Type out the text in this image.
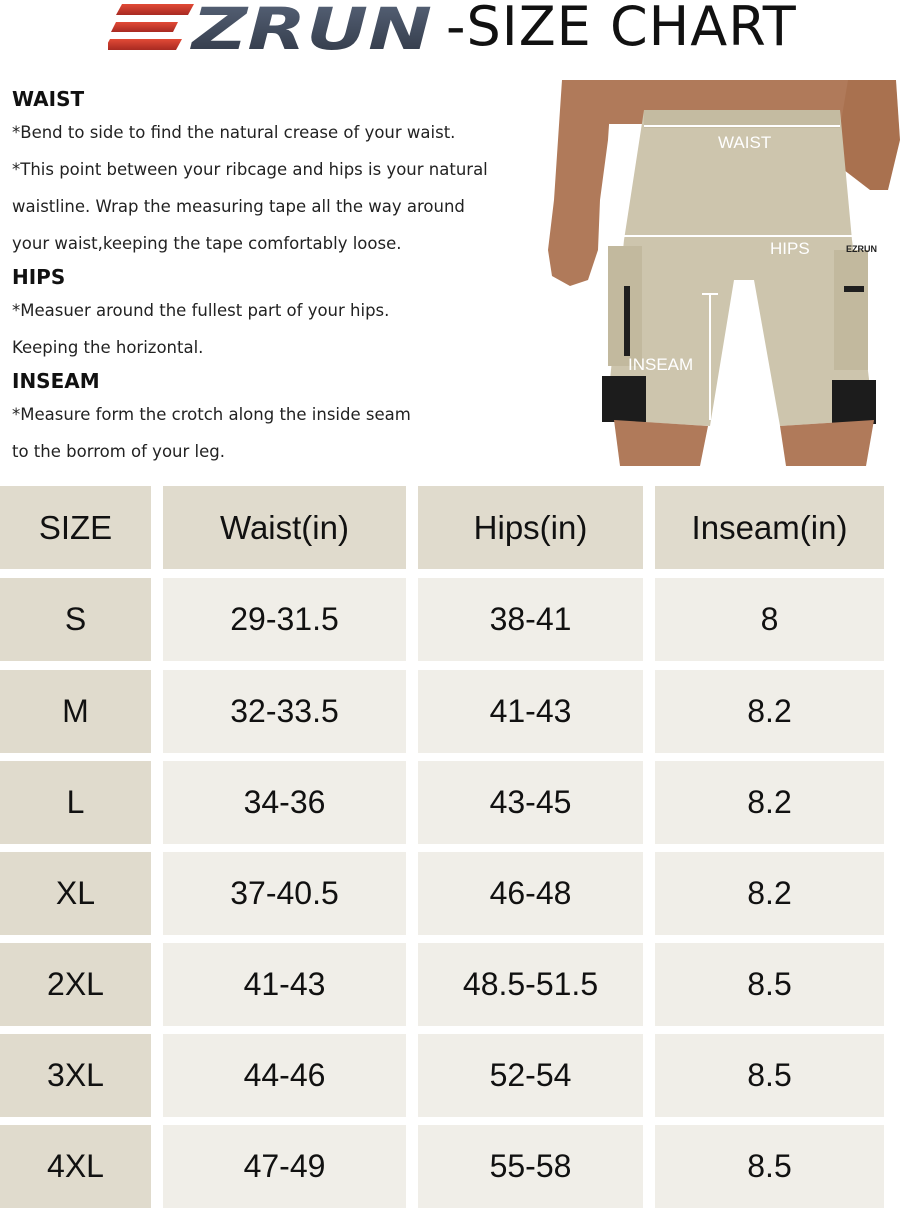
ZRUN -SIZE CHART

WAIST

*Bend to side to find the natural crease of your waist.

*This point between your ribcage and hips is your natural

waistline. Wrap the measuring tape all the way around

your waist,keeping the tape comfortably loose.

HIPS

*Measuer around the fullest part of your hips.

Keeping the horizontal.

INSEAM

*Measure form the crotch along the inside seam

to the borrom of your leg.

WAIST
HIPS	EZRUN
INSEAM
SIZE	Waist(in)	Hips(in)	Inseam(in)
S	29-31.5	38-41	8
M	32-33.5	41-43	8.2
L	34-36	43-45	8.2
XL	37-40.5	46-48	8.2
2XL	41-43	48.5-51.5	8.5
3XL	44-46	52-54	8.5
4XL	47-49	55-58	8.5
